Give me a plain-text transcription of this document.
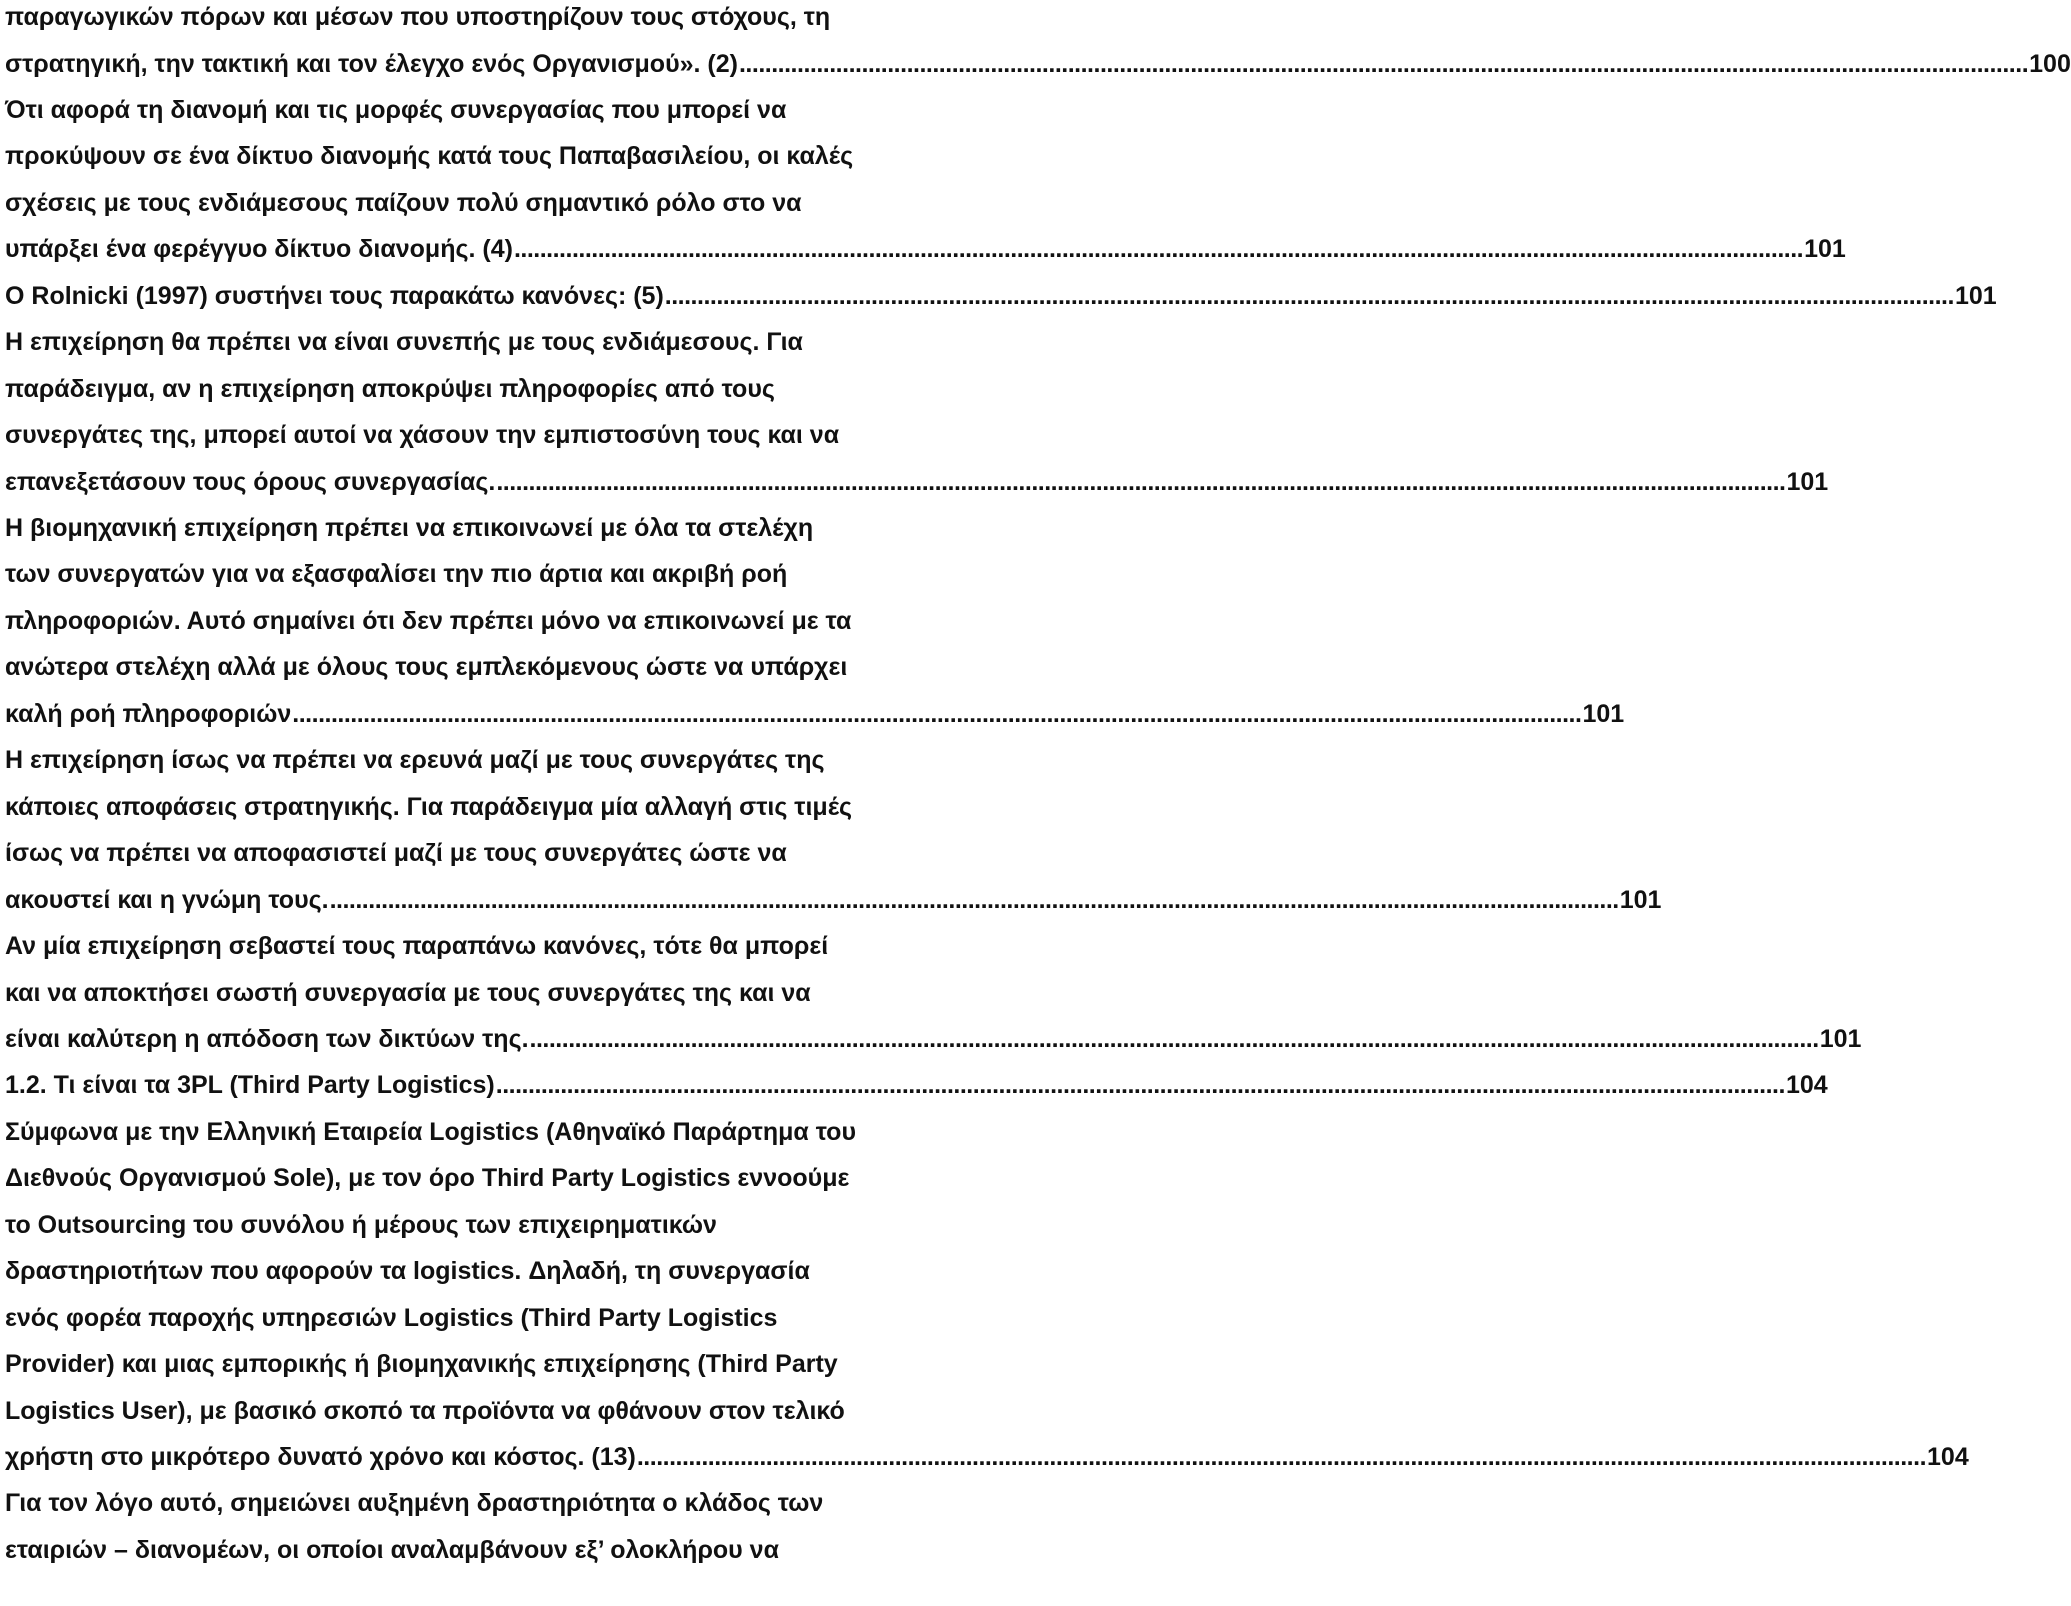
παραγωγικών πόρων και μέσων που υποστηρίζουν τους στόχους, τη
στρατηγική, την τακτική και τον έλεγχο ενός Οργανισμού». (2) ........................................................................................................................................................................................................ 100
Ότι αφορά τη διανομή και τις μορφές συνεργασίας που μπορεί να
προκύψουν σε ένα δίκτυο διανομής κατά τους Παπαβασιλείου, οι καλές
σχέσεις με τους ενδιάμεσους παίζουν πολύ σημαντικό ρόλο στο να
υπάρξει ένα φερέγγυο δίκτυο διανομής. (4) ........................................................................................................................................................................................................ 101
Ο Rolnicki (1997) συστήνει τους παρακάτω κανόνες: (5) ........................................................................................................................................................................................................ 101
Η επιχείρηση θα πρέπει να είναι συνεπής με τους ενδιάμεσους. Για
παράδειγμα, αν η επιχείρηση αποκρύψει πληροφορίες από τους
συνεργάτες της, μπορεί αυτοί να χάσουν την εμπιστοσύνη τους και να
επανεξετάσουν τους όρους συνεργασίας. ........................................................................................................................................................................................................ 101
Η βιομηχανική επιχείρηση πρέπει να επικοινωνεί με όλα τα στελέχη
των συνεργατών για να εξασφαλίσει την πιο άρτια και ακριβή ροή
πληροφοριών. Αυτό σημαίνει ότι δεν πρέπει μόνο να επικοινωνεί με τα
ανώτερα στελέχη αλλά με όλους τους εμπλεκόμενους ώστε να υπάρχει
καλή ροή πληροφοριών ........................................................................................................................................................................................................ 101
Η επιχείρηση ίσως να πρέπει να ερευνά μαζί με τους συνεργάτες της
κάποιες αποφάσεις στρατηγικής. Για παράδειγμα μία αλλαγή στις τιμές
ίσως να πρέπει να αποφασιστεί μαζί με τους συνεργάτες ώστε να
ακουστεί και η γνώμη τους. ........................................................................................................................................................................................................ 101
Αν μία επιχείρηση σεβαστεί τους παραπάνω κανόνες, τότε θα μπορεί
και να αποκτήσει σωστή συνεργασία με τους συνεργάτες της και να
είναι καλύτερη η απόδοση των δικτύων της. ........................................................................................................................................................................................................ 101
1.2. Τι είναι τα 3PL (Third Party Logistics) ........................................................................................................................................................................................................ 104
Σύμφωνα με την Ελληνική Εταιρεία Logistics (Αθηναϊκό Παράρτημα του
Διεθνούς Οργανισμού Sole), με τον όρο Third Party Logistics εννοούμε
το Outsourcing του συνόλου ή μέρους των επιχειρηματικών
δραστηριοτήτων που αφορούν τα logistics. Δηλαδή, τη συνεργασία
ενός φορέα παροχής υπηρεσιών Logistics (Third Party Logistics
Provider) και μιας εμπορικής ή βιομηχανικής επιχείρησης (Third Party
Logistics User), με βασικό σκοπό τα προϊόντα να φθάνουν στον τελικό
χρήστη στο μικρότερο δυνατό χρόνο και κόστος. (13) ........................................................................................................................................................................................................ 104
Για τον λόγο αυτό, σημειώνει αυξημένη δραστηριότητα ο κλάδος των
εταιριών – διανομέων, οι οποίοι αναλαμβάνουν εξ’ ολοκλήρου να
